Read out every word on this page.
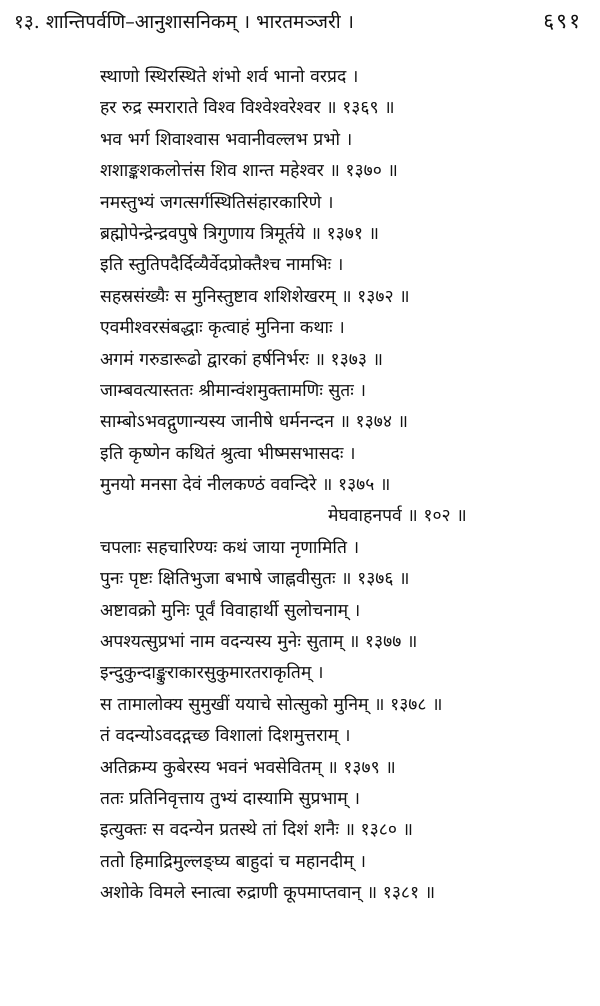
१३. शान्तिपर्वणि–आनुशासनिकम् । भारतमञ्जरी ।	६९१
स्थाणो स्थिरस्थिते शंभो शर्व भानो वरप्रद ।
हर रुद्र स्मराराते विश्व विश्वेश्वरेश्वर ॥ १३६९ ॥
भव भर्ग शिवाश्वास भवानीवल्लभ प्रभो ।
शशाङ्कशकलोत्तंस शिव शान्त महेश्वर ॥ १३७० ॥
नमस्तुभ्यं जगत्सर्गस्थितिसंहारकारिणे ।
ब्रह्मोपेन्द्रेन्द्रवपुषे त्रिगुणाय त्रिमूर्तये ॥ १३७१ ॥
इति स्तुतिपदैर्दिव्यैर्वेदप्रोक्तैश्च नामभिः ।
सहस्रसंख्यैः स मुनिस्तुष्टाव शशिशेखरम् ॥ १३७२ ॥
एवमीश्वरसंबद्धाः कृत्वाहं मुनिना कथाः ।
अगमं गरुडारूढो द्वारकां हर्षनिर्भरः ॥ १३७३ ॥
जाम्बवत्यास्ततः श्रीमान्वंशमुक्तामणिः सुतः ।
साम्बोऽभवद्गुणान्यस्य जानीषे धर्मनन्दन ॥ १३७४ ॥
इति कृष्णेन कथितं श्रुत्वा भीष्मसभासदः ।
मुनयो मनसा देवं नीलकण्ठं ववन्दिरे ॥ १३७५ ॥
मेघवाहनपर्व ॥ १०२ ॥
चपलाः सहचारिण्यः कथं जाया नृणामिति ।
पुनः पृष्टः क्षितिभुजा बभाषे जाह्नवीसुतः ॥ १३७६ ॥
अष्टावक्रो मुनिः पूर्वं विवाहार्थी सुलोचनाम् ।
अपश्यत्सुप्रभां नाम वदन्यस्य मुनेः सुताम् ॥ १३७७ ॥
इन्दुकुन्दाङ्कुराकारसुकुमारतराकृतिम् ।
स तामालोक्य सुमुखीं ययाचे सोत्सुको मुनिम् ॥ १३७८ ॥
तं वदन्योऽवदद्गच्छ विशालां दिशमुत्तराम् ।
अतिक्रम्य कुबेरस्य भवनं भवसेवितम् ॥ १३७९ ॥
ततः प्रतिनिवृत्ताय तुभ्यं दास्यामि सुप्रभाम् ।
इत्युक्तः स वदन्येन प्रतस्थे तां दिशं शनैः ॥ १३८० ॥
ततो हिमाद्रिमुल्लङ्घ्य बाहुदां च महानदीम् ।
अशोके विमले स्नात्वा रुद्राणी कूपमाप्तवान् ॥ १३८१ ॥
